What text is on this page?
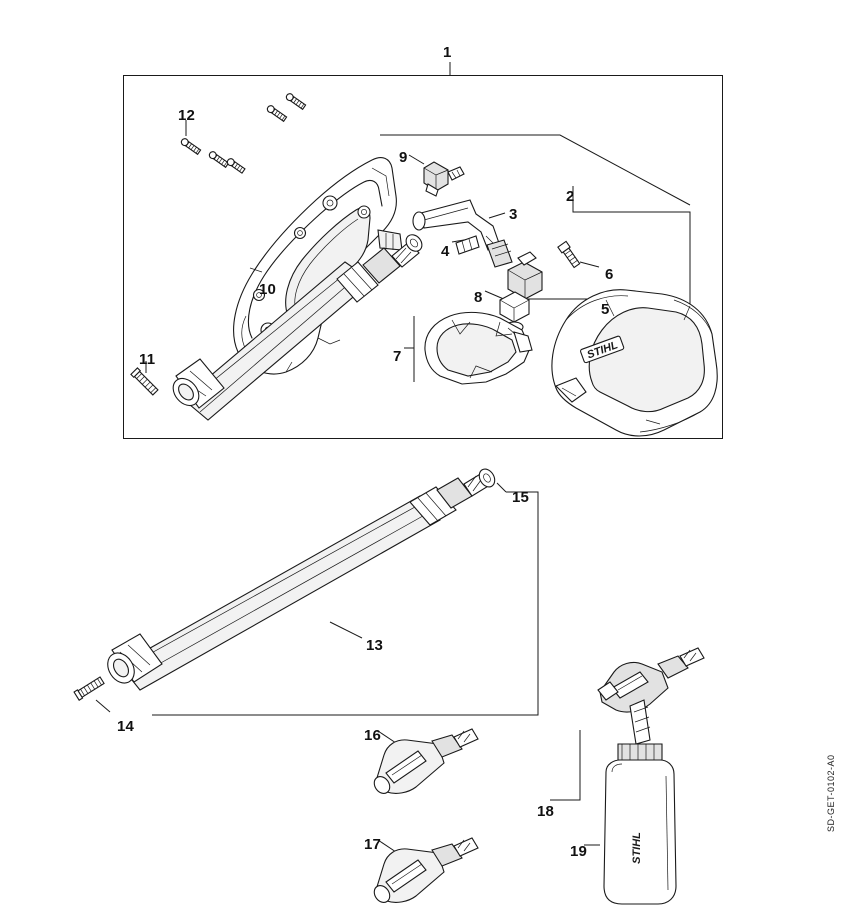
STIHL
STIHL
1
12
9
2
3
4
6
10	8
5
7
11
15
13
16
14
18
17	19
SD-GET-0102-A0
